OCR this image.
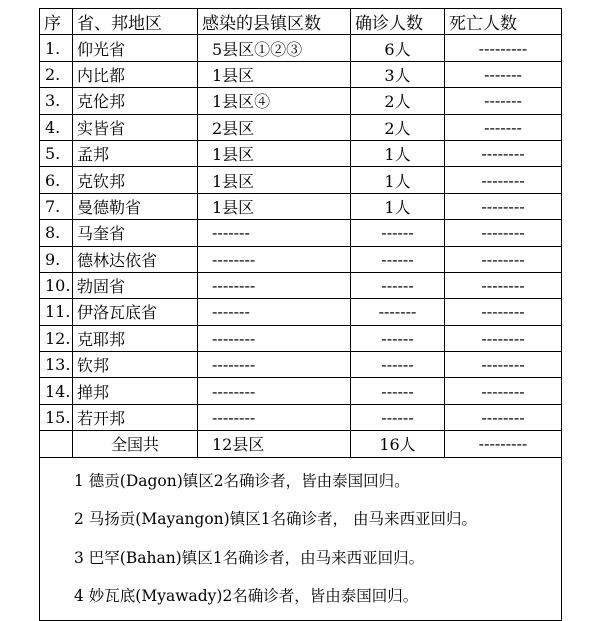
序	省、邦地区	感染的县镇区数	确诊人数	死亡人数
1.	仰光省	5县区①②③	6人	---------
2.	内比都	1县区	3人	-------
3.	克伦邦	1县区④	2人	-------
4.	实皆省	2县区	2人	-------
5.	孟邦	1县区	1人	--------
6.	克钦邦	1县区	1人	--------
7.	曼德勒省	1县区	1人	--------
8.	马奎省	-------	------	--------
9.	德林达依省	--------	------	--------
10.	勃固省	--------	------	--------
11.	伊洛瓦底省	-------	-------	--------
12.	克耶邦	--------	------	--------
13.	钦邦	--------	------	--------
14.	掸邦	--------	------	--------
15.	若开邦	--------	------	--------
	全国共	12县区	16人	---------

1 德贡(Dagon)镇区2名确诊者，皆由泰国回归。
2 马扬贡(Mayangon)镇区1名确诊者， 由马来西亚回归。
3 巴罕(Bahan)镇区1名确诊者，由马来西亚回归。
4 妙瓦底(Myawady)2名确诊者，皆由泰国回归。				
